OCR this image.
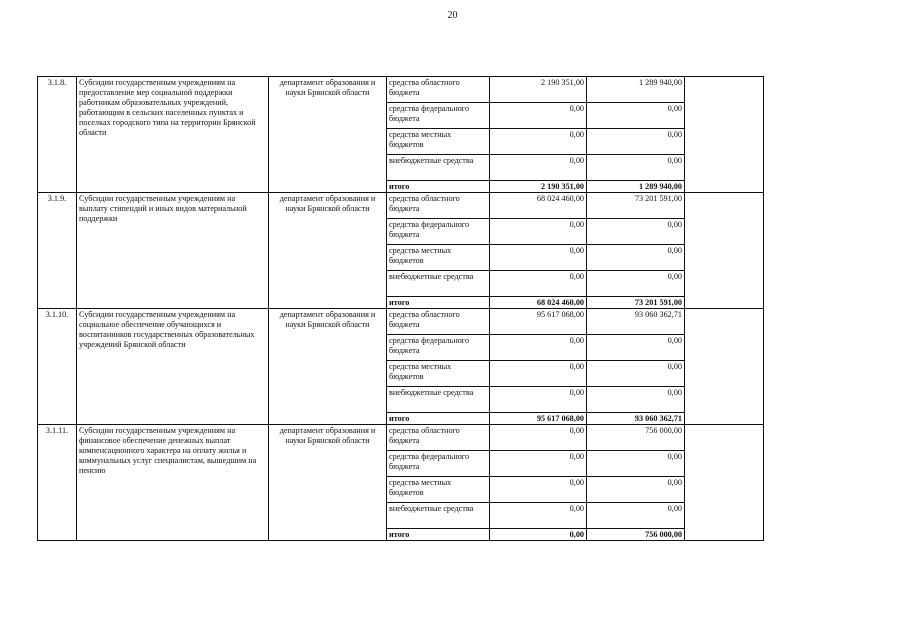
20
3.1.8.	Субсидии государственным учреждениям на предоставление мер социальной поддержки работникам образовательных учреждений, работающим в сельских населенных пунктах и поселках городского типа на территории Брянской области	департамент образования и науки Брянской области	средства областного бюджета	2 190 351,00	1 289 940,00	
			средства федерального бюджета	0,00	0,00	
			средства местных бюджетов	0,00	0,00	
			внебюджетные средства	0,00	0,00	
			итого	2 190 351,00	1 289 940,00	
3.1.9.	Субсидии государственным учреждениям на выплату стипендий и иных видов материальной поддержки	департамент образования и науки Брянской области	средства областного бюджета	68 024 460,00	73 201 591,00	
			средства федерального бюджета	0,00	0,00	
			средства местных бюджетов	0,00	0,00	
			внебюджетные средства	0,00	0,00	
			итого	68 024 460,00	73 201 591,00	
3.1.10.	Субсидии государственным учреждениям на социальное обеспечение обучающихся и воспитанников государственных образовательных учреждений Брянской области	департамент образования и науки Брянской области	средства областного бюджета	95 617 068,00	93 060 362,71	
			средства федерального бюджета	0,00	0,00	
			средства местных бюджетов	0,00	0,00	
			внебюджетные средства	0,00	0,00	
			итого	95 617 068,00	93 060 362,71	
3.1.11.	Субсидии государственным учреждениям на финансовое обеспечение денежных выплат компенсационного характера на оплату жилья и коммунальных услуг специалистам, вышедшим на пенсию	департамент образования и науки Брянской области	средства областного бюджета	0,00	756 000,00	
			средства федерального бюджета	0,00	0,00	
			средства местных бюджетов	0,00	0,00	
			внебюджетные средства	0,00	0,00	
			итого	0,00	756 000,00	
